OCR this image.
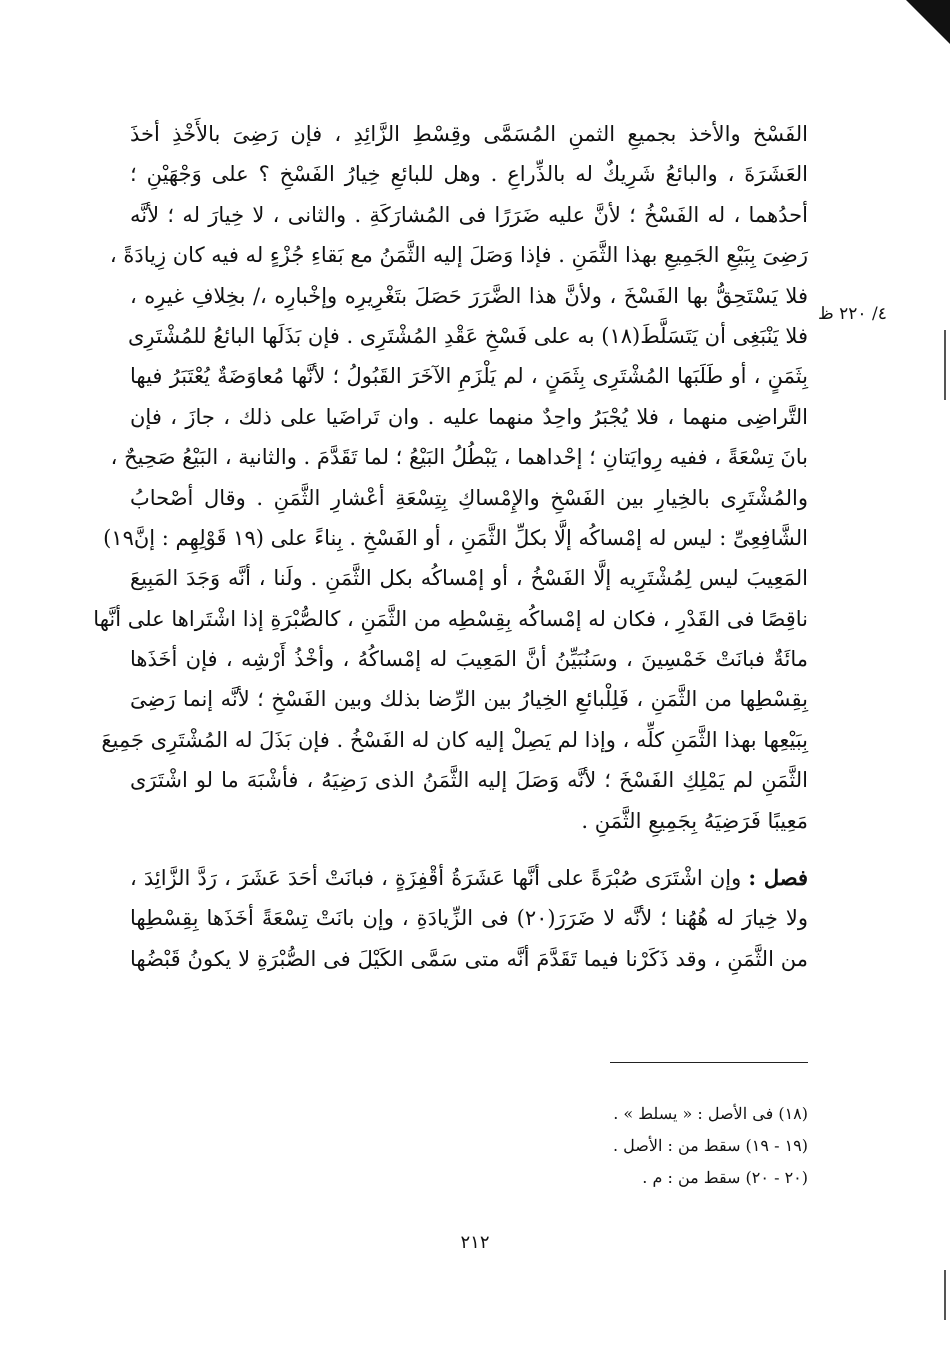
٤/ ٢٢٠ ظ
الفَسْخ والأخذ بجميعِ الثمنِ المُسَمَّى وقِسْطِ الزَّائِدِ ، فإن رَضِىَ بالأَخْذِ أخذَ
العَشَرَةَ ، والبائعُ شَرِيكٌ له بالذِّراعِ . وهل للبائعِ خِيارُ الفَسْخِ ؟ على وَجْهَيْنِ ؛
أحدُهما ، له الفَسْخُ ؛ لأنَّ عليه ضَرَرًا فى المُشارَكَةِ . والثانى ، لا خِيارَ له ؛ لأنَّه
رَضِىَ بِبَيْعِ الجَمِيعِ بهذا الثَّمَنِ . فإذا وَصَلَ إليه الثَّمَنُ مع بَقاءِ جُزْءٍ له فيه كان زِيادَةً ،
فلا يَسْتَحِقُّ بها الفَسْخَ ، ولأنَّ هذا الضَّرَرَ حَصَلَ بتَغْرِيرِه وإخْبارِه ،/ بخِلافِ غيرِه ،
فلا يَنْبَغِى أن يَتَسَلَّطَ(١٨) به على فَسْخِ عَقْدِ المُشْتَرِى . فإن بَذَلَها البائعُ للمُشْتَرِى
بِثَمَنٍ ، أو طَلَبَها المُشْتَرِى بِثَمَنٍ ، لم يَلْزَمِ الآخَرَ القَبُولُ ؛ لأنَّها مُعاوَضَةٌ يُعْتَبَرُ فيها
التَّراضِى منهما ، فلا يُجْبَرُ واحِدٌ منهما عليه . وان تَراضَيا على ذلك ، جازَ ، فإن
بانَ تِسْعَةً ، ففيه رِوايَتانِ ؛ إحْداهما ، يَبْطُلُ البَيْعُ ؛ لما تَقَدَّمَ . والثانية ، البَيْعُ صَحِيحٌ ،
والمُشْتَرِى بالخِيارِ بين الفَسْخِ والإِمْساكِ بِتِسْعَةِ أعْشارِ الثَّمَنِ . وقال أصْحابُ
الشَّافِعِىِّ : ليس له إمْساكُه إلَّا بكلِّ الثَّمَنِ ، أو الفَسْخِ . بِناءً على (١٩ قَوْلِهِم : إنَّ١٩)
المَعِيبَ ليس لِمُشْتَرِيه إلَّا الفَسْخُ ، أو إمْساكُه بكل الثَّمَنِ . ولَنا ، أنَّه وَجَدَ المَبِيعَ
ناقِصًا فى القَدْرِ ، فكان له إمْساكُه بِقِسْطِه من الثَّمَنِ ، كالصُّبْرَةِ إذا اشْتَراها على أنَّها
مائَةٌ فبانَتْ خَمْسِينَ ، وسَنُبَيِّنُ أنَّ المَعِيبَ له إمْساكُهُ ، وأخْذُ أَرْشِه ، فإن أخَذَها
بِقِسْطِها من الثَّمَنِ ، فَلِلْبائعِ الخِيارُ بين الرِّضا بذلك وبين الفَسْخِ ؛ لأنَّه إنما رَضِىَ
بِبَيْعِها بهذا الثَّمَنِ كلِّه ، وإذا لم يَصِلْ إليه كان له الفَسْخُ . فإن بَذَلَ له المُشْتَرِى جَمِيعَ
الثَّمَنِ لم يَمْلِكِ الفَسْخَ ؛ لأنَّه وَصَلَ إليه الثَّمَنُ الذى رَضِيَهُ ، فأشْبَهَ ما لو اشْتَرَى
مَعِيبًا فَرَضِيَهُ بِجَمِيعِ الثَّمَنِ .
فصل : وإن اشْتَرَى صُبْرَةً على أنَّها عَشَرَةُ أقْفِزَةٍ ، فبانَتْ أحَدَ عَشَرَ ، رَدَّ الزَّائِدَ ،
ولا خِيارَ له هُهُنا ؛ لأنَّه لا ضَرَرَ(٢٠) فى الزِّيادَةِ ، وإن بانَتْ تِسْعَةً أخَذَها بِقِسْطِها
من الثَّمَنِ ، وقد ذَكَرْنا فيما تَقَدَّمَ أنَّه متى سَمَّى الكَيْلَ فى الصُّبْرَةِ لا يكونُ قَبْضُها
(١٨) فى الأصل : « يسلط » .
(١٩ - ١٩) سقط من : الأصل .
(٢٠ - ٢٠) سقط من : م .
٢١٢
